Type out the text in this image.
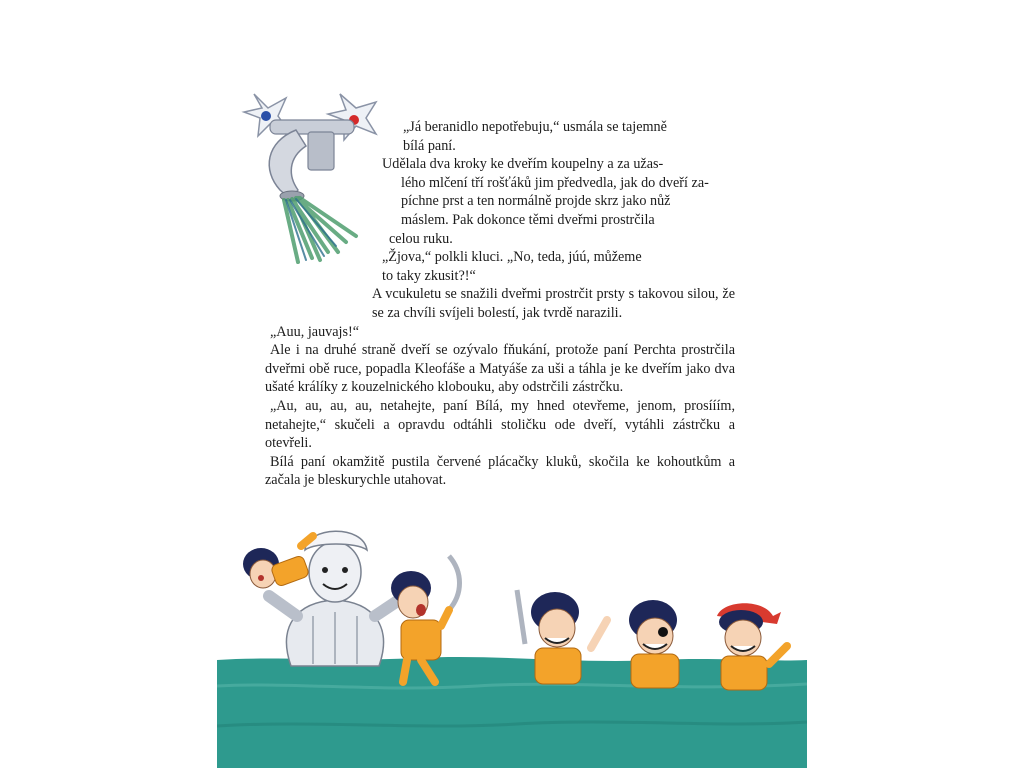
„Já beranidlo nepotřebuju,“ usmála se tajemně

bílá paní.

Udělala dva kroky ke dveřím koupelny a za užas-

lého mlčení tří rošťáků jim předvedla, jak do dveří za-

píchne prst a ten normálně projde skrz jako nůž

máslem. Pak dokonce těmi dveřmi prostrčila

celou ruku.

„Žjova,“ polkli kluci. „No, teda, júú, můžeme

to taky zkusit?!“

A vcukuletu se snažili dveřmi prostrčit prsty s takovou silou, že se za chvíli svíjeli bolestí, jak tvrdě narazili.

„Auu, jauvajs!“

Ale i na druhé straně dveří se ozývalo fňukání, protože paní Perchta prostrčila dveřmi obě ruce, popadla Kleofáše a Matyáše za uši a táhla je ke dveřím jako dva ušaté králíky z kouzelnického klobouku, aby odstrčili zástrčku.

„Au, au, au, au, netahejte, paní Bílá, my hned otevřeme, jenom, prosííím, netahejte,“ skučeli a opravdu odtáhli stoličku ode dveří, vytáhli zástrčku a otevřeli.

Bílá paní okamžitě pustila červené plácačky kluků, skočila ke kohoutkům a začala je bleskurychle utahovat.
